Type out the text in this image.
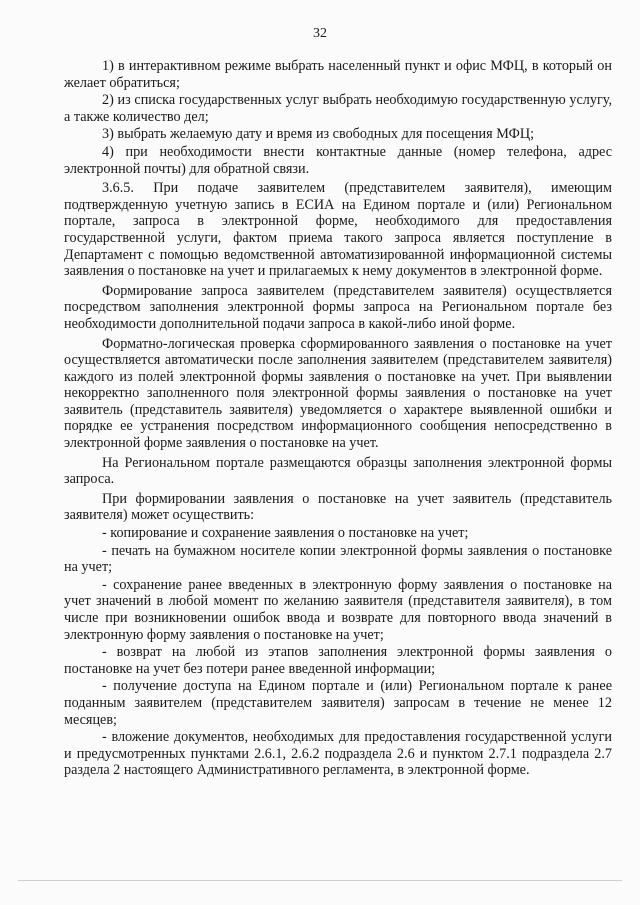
32

1) в интерактивном режиме выбрать населенный пункт и офис МФЦ, в который он желает обратиться;

2) из списка государственных услуг выбрать необходимую государственную услугу, а также количество дел;

3) выбрать желаемую дату и время из свободных для посещения МФЦ;

4) при необходимости внести контактные данные (номер телефона, адрес электронной почты) для обратной связи.

3.6.5. При подаче заявителем (представителем заявителя), имеющим подтвержденную учетную запись в ЕСИА на Едином портале и (или) Региональном портале, запроса в электронной форме, необходимого для предоставления государственной услуги, фактом приема такого запроса является поступление в Департамент с помощью ведомственной автоматизированной информационной системы заявления о постановке на учет и прилагаемых к нему документов в электронной форме.

Формирование запроса заявителем (представителем заявителя) осуществляется посредством заполнения электронной формы запроса на Региональном портале без необходимости дополнительной подачи запроса в какой-либо иной форме.

Форматно-логическая проверка сформированного заявления о постановке на учет осуществляется автоматически после заполнения заявителем (представителем заявителя) каждого из полей электронной формы заявления о постановке на учет. При выявлении некорректно заполненного поля электронной формы заявления о постановке на учет заявитель (представитель заявителя) уведомляется о характере выявленной ошибки и порядке ее устранения посредством информационного сообщения непосредственно в электронной форме заявления о постановке на учет.

На Региональном портале размещаются образцы заполнения электронной формы запроса.

При формировании заявления о постановке на учет заявитель (представитель заявителя) может осуществить:

- копирование и сохранение заявления о постановке на учет;

- печать на бумажном носителе копии электронной формы заявления о постановке на учет;

- сохранение ранее введенных в электронную форму заявления о постановке на учет значений в любой момент по желанию заявителя (представителя заявителя), в том числе при возникновении ошибок ввода и возврате для повторного ввода значений в электронную форму заявления о постановке на учет;

- возврат на любой из этапов заполнения электронной формы заявления о постановке на учет без потери ранее введенной информации;

- получение доступа на Едином портале и (или) Региональном портале к ранее поданным заявителем (представителем заявителя) запросам в течение не менее 12 месяцев;

- вложение документов, необходимых для предоставления государственной услуги и предусмотренных пунктами 2.6.1, 2.6.2 подраздела 2.6 и пунктом 2.7.1 подраздела 2.7 раздела 2 настоящего Административного регламента, в электронной форме.
